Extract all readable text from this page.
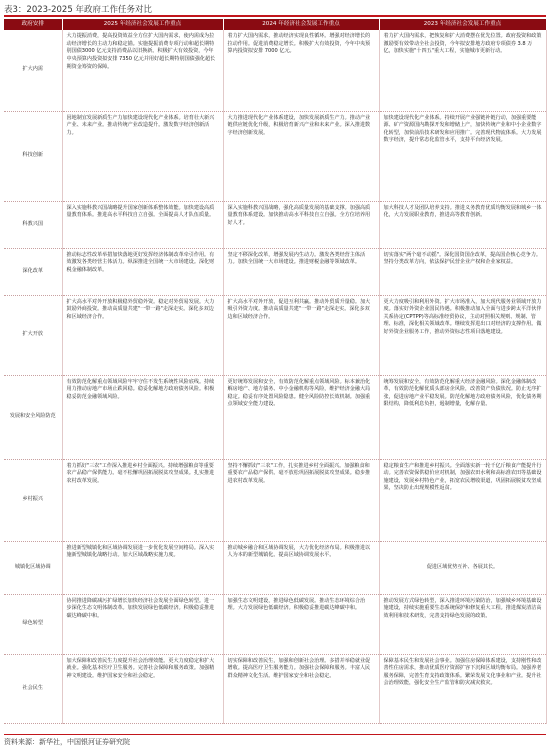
表3：2023-2025 年政府工作任务对比
政府安排	2025 年经济社会发展工作重点	2024 年经济社会发展工作重点	2023 年经济社会发展工作重点
扩大内需	大力提振消费，提高投资效益全方位扩大国内需求，使内需成为拉动经济增长的主动力和稳定锚。实施提振消费专项行动和超长期特别国债3000 亿元支持消费品以旧换新。积极扩大有效投资，今年中央预算内投资拟安排 7350 亿元并用好超长期特别国债强化超长期资金筹资的保障。	着力扩大国内需求，推动经济实现良性循环。增强对经济增长的拉动作用。促进消费稳定增长。积极扩大有效投资，今年中央预算内投资拟安排 7000 亿元。	着力扩大国内需求，把恢复和扩大消费摆在优先位置。政府投资和政策激励要有效带动全社会投资，今年拟安排地方政府专项债券 3.8 万亿，加快实施"十四五"重大工程，实施城市更新行动。
科技创新	因地制宜发展新质生产力加快建设现代化产业体系。培育壮大新兴产业、未来产业。推动传统产业改造提升。激发数字经济创新活力。	大力推进现代化产业体系建设，加快发展新质生产力。推动产业链供应链优化升级，积极培育新兴产业和未来产业。深入推进数字经济创新发展。	加快建设现代化产业体系。持续开展产业强链补链行动，加强重要能源、矿产资源国内勘探开发和增储上产，加快传统产业和中小企业数字化转型，加快前沿技术研发和应用推广。完善现代物流体系。大力发展数字经济，提升常态化监管水平，支持平台经济发展。
科教兴国	深入实施科教兴国战略提升国家创新体系整体效能。加快建设高质量教育体系。推进高水平科技自立自强。全面提高人才队伍质量。	深入实施科教兴国战略，强化高质量发展的基础支撑。加强高质量教育体系建设。加快推动高水平科技自立自强。全方位培养用好人才。	加大科技人才及团队培养支持。推进义务教育优质均衡发展和城乡一体化，大力发展职业教育，推进高等教育创新。
深化改革	推动标志性改革举措加快落地更好发挥经济体制改革牵引作用。有效激发各类经营主体活力。纵深推进全国统一大市场建设。深化财税金融体制改革。	坚定不移深化改革，增强发展内生动力。激发各类经营主体活力。加快全国统一大市场建设。推进财税金融等领域改革。	切实落实"两个毫不动摇"。深化国资国企改革，提高国企核心竞争力。坚持分类改革方向，依法保护民营企业产权和企业家权益。
扩大开放	扩大高水平对外开放积极稳外贸稳外资。稳定对外贸易发展。大力鼓励外商投资。推动高质量共建"一带一路"走深走实。深化多双边和区域经济合作。	扩大高水平对外开放，促进互利共赢。推动外贸质升量稳。加大吸引外资力度。推动高质量共建"一带一路"走深走实。深化多双边和区域经济合作。	更大力度吸引和利用外资。扩大市场准入，加大现代服务业领域开放力度。落实好外资企业国民待遇。积极推动加入全面与进步跨太平洋伙伴关系协定(CPTPP)等高标准经贸协议，主动对照相关规则、规制、管理、标准，深化相关领域改革。继续发挥进出口对经济的支撑作用。做好外资企业服务工作，推动外资标志性项目落地建设。
发展和安全风险防范	有效防范化解重点领域风险牢牢守住不发生系统性风险底线。持续用力推动房地产市场止跌回稳。稳妥化解地方政府债务风险。积极稳妥防范金融领域风险。	更好统筹发展和安全，有效防范化解重点领域风险。标本兼治化解房地产、地方债务、中小金融机构等风险，维护经济金融大局稳定。稳妥有序处置风险隐患。健全风险防控长效机制。加强重点领域安全能力建设。	统筹发展和安全，有效防范化解重大经济金融风险。深化金融体制改革，有效防范化解优质头部房企风险，改善资产负债状况。防止无序扩张，促进房地产业平稳发展。防范化解地方政府债务风险，优化债务期限结构，降低利息负担，遏制增量，化解存量。
乡村振兴	着力抓好"三农"工作深入推进乡村全面振兴。持续增强粮食等重要农产品稳产保供能力。毫不松懈巩固拓展脱贫攻坚成果。扎实推进农村改革发展。	坚持不懈抓好"三农"工作，扎实推进乡村全面振兴。加强粮食和重要农产品稳产保供。毫不放松巩固拓展脱贫攻坚成果。稳步推进农村改革发展。	稳定粮食生产和推进乡村振兴。全面落实新一轮千亿斤粮食产能提升行动。完善农资保供稳价应对机制，加强农田水利和高标准农田等基础设施建设，发展乡村特色产业，拓宽农民增收渠道，巩固拓展脱贫攻坚成果，坚决防止出现规模性返贫。
城镇化区域协调	推进新型城镇化和区域协调发展进一步优化发展空间格局。深入实施新型城镇化战略行动。加大区域战略实施力度。	推动城乡融合和区域协调发展，大力优化经济布局。积极推进以人为本的新型城镇化。提高区域协调发展水平。	促进区域优势互补、各展其长。
绿色转型	协同推进降碳减污扩绿增长加快经济社会发展全面绿色转型。进一步深化生态文明体制改革。加快发展绿色低碳经济。积极稳妥推进碳达峰碳中和。	加强生态文明建设，推进绿色低碳发展。推动生态环境综合治理。大力发展绿色低碳经济。积极稳妥推进碳达峰碳中和。	推动发展方式绿色转型，深入推进环境污染防治，加强城乡环境基础设施建设，持续实施重要生态系统保护和修复重大工程。推进煤炭清洁高效利用和技术研发，完善支持绿色发展的政策。
社会民生	加大保障和改善民生力度提升社会治理效能。更大力度稳定和扩大就业。强化基本医疗卫生服务。完善社会保障和服务政策。加强精神文明建设。维护国家安全和社会稳定。	切实保障和改善民生，加强和创新社会治理。多措并举稳就业促增收。提高医疗卫生服务能力。加强社会保障和服务。丰富人民群众精神文化生活。维护国家安全和社会稳定。	保障基本民生和发展社会事业。加强住房保障体系建设，支持刚性和改善性住房需求，推动优质医疗资源扩容下沉和区域均衡布局。加强养老服务保障，完善生育支持政策体系。繁荣发展文化事业和产业。提升社会治理效能，强化安全生产监管和防灾减灾救灾。
资料来源：新华社，中国银河证券研究院
